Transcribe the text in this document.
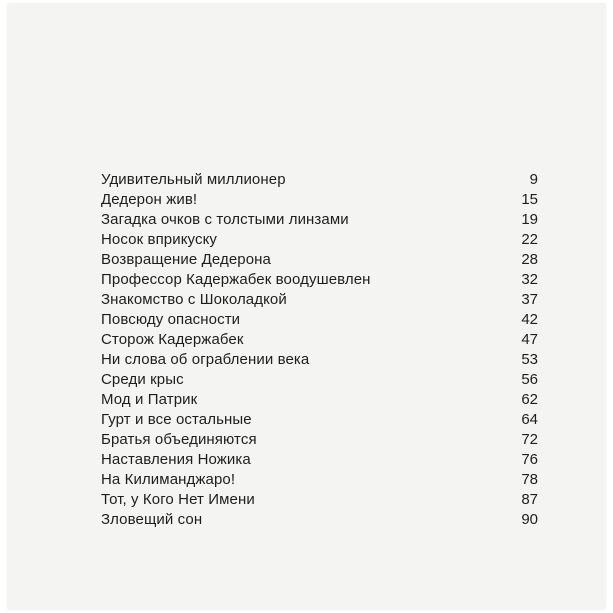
Удивительный миллионер	9
Дедерон жив!	15
Загадка очков с толстыми линзами	19
Носок вприкуску	22
Возвращение Дедерона	28
Профессор Кадержабек воодушевлен	32
Знакомство с Шоколадкой	37
Повсюду опасности	42
Сторож Кадержабек	47
Ни слова об ограблении века	53
Среди крыс	56
Мод и Патрик	62
Гурт и все остальные	64
Братья объединяются	72
Наставления Ножика	76
На Килиманджаро!	78
Тот, у Кого Нет Имени	87
Зловещий сон	90
